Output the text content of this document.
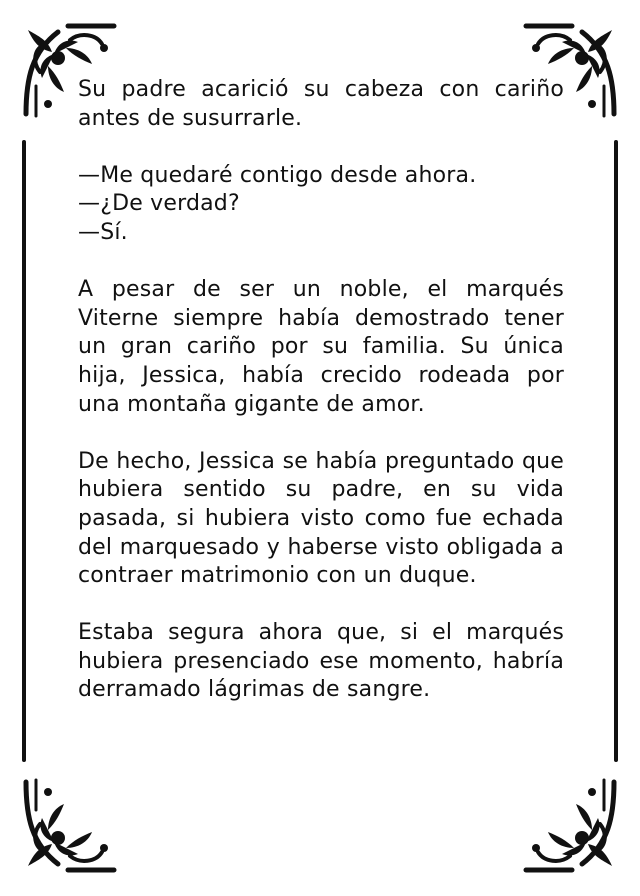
Su padre acarició su cabeza con cariño antes de susurrarle.

—Me quedaré contigo desde ahora.
—¿De verdad?
—Sí.

A pesar de ser un noble, el marqués Viterne siempre había demostrado tener un gran cariño por su familia. Su única hija, Jessica, había crecido rodeada por una montaña gigante de amor.

De hecho, Jessica se había preguntado que hubiera sentido su padre, en su vida pasada, si hubiera visto como fue echada del marquesado y haberse visto obligada a contraer matrimonio con un duque.

Estaba segura ahora que, si el marqués hubiera presenciado ese momento, habría derramado lágrimas de sangre.
